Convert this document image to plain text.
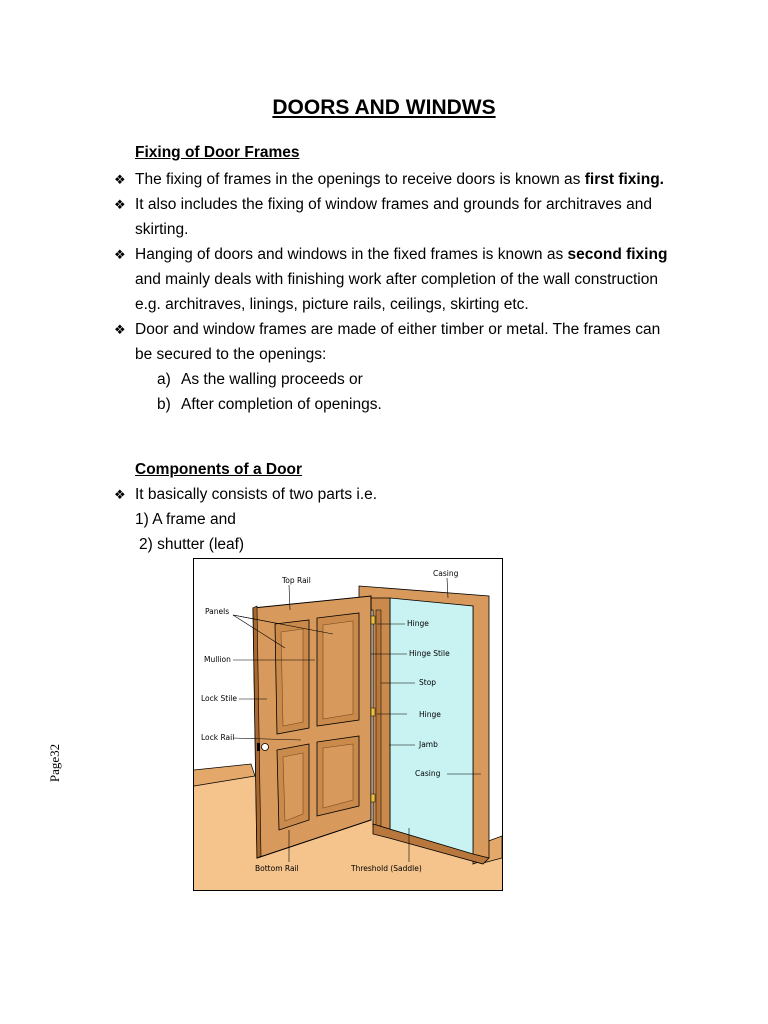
DOORS AND WINDWS
Fixing of Door Frames
❖ The fixing of frames in the openings to receive doors is known as first fixing.
❖ It also includes the fixing of window frames and grounds for architraves and skirting.
❖ Hanging of doors and windows in the fixed frames is known as second fixing and mainly deals with finishing work after completion of the wall construction e.g. architraves, linings, picture rails, ceilings, skirting etc.
❖ Door and window frames are made of either timber or metal. The frames can be secured to the openings:
a) As the walling proceeds or
b) After completion of openings.
Components of a Door
❖ It basically consists of two parts i.e.

1) A frame and

2) shutter (leaf)

Page32
Top Rail
Casing
Panels
Hinge
Mullion
Hinge Stile
Stop
Lock Stile
Hinge
Lock Rail
Jamb
Casing
Bottom Rail	Threshold (Saddle)
